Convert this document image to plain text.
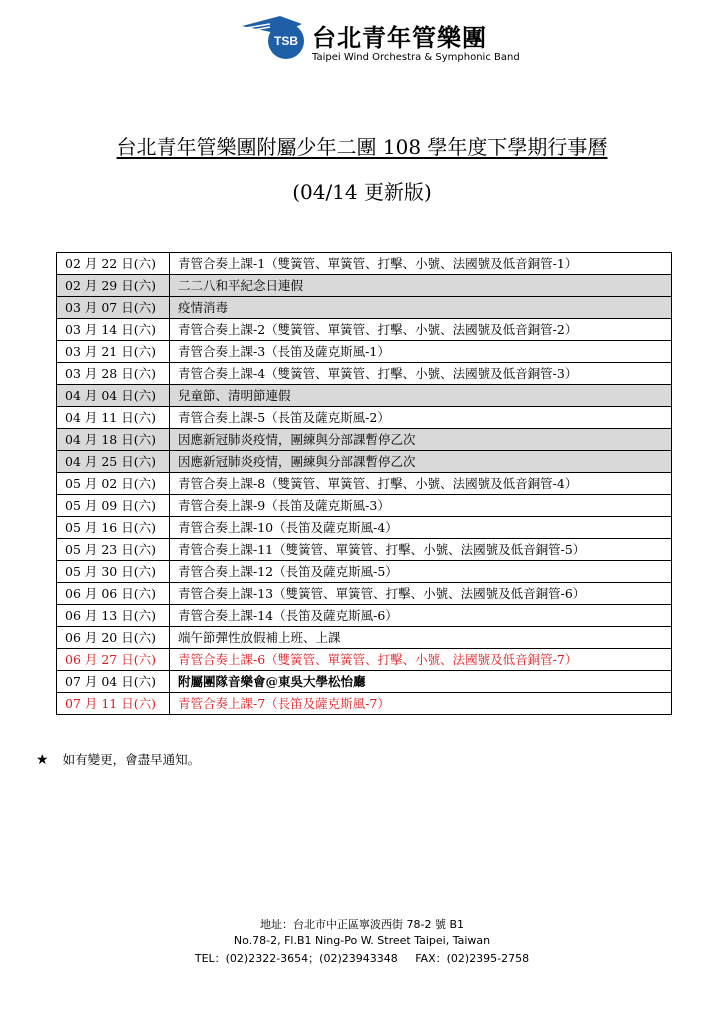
TSB 台北青年管樂團
Taipei Wind Orchestra & Symphonic Band
台北青年管樂團附屬少年二團 108 學年度下學期行事曆
(04/14 更新版)
02 月 22 日(六)	青管合奏上課-1（雙簧管、單簧管、打擊、小號、法國號及低音銅管-1）
02 月 29 日(六)	二二八和平紀念日連假
03 月 07 日(六)	疫情消毒
03 月 14 日(六)	青管合奏上課-2（雙簧管、單簧管、打擊、小號、法國號及低音銅管-2）
03 月 21 日(六)	青管合奏上課-3（長笛及薩克斯風-1）
03 月 28 日(六)	青管合奏上課-4（雙簧管、單簧管、打擊、小號、法國號及低音銅管-3）
04 月 04 日(六)	兒童節、清明節連假
04 月 11 日(六)	青管合奏上課-5（長笛及薩克斯風-2）
04 月 18 日(六)	因應新冠肺炎疫情，團練與分部課暫停乙次
04 月 25 日(六)	因應新冠肺炎疫情，團練與分部課暫停乙次
05 月 02 日(六)	青管合奏上課-8（雙簧管、單簧管、打擊、小號、法國號及低音銅管-4）
05 月 09 日(六)	青管合奏上課-9（長笛及薩克斯風-3）
05 月 16 日(六)	青管合奏上課-10（長笛及薩克斯風-4）
05 月 23 日(六)	青管合奏上課-11（雙簧管、單簧管、打擊、小號、法國號及低音銅管-5）
05 月 30 日(六)	青管合奏上課-12（長笛及薩克斯風-5）
06 月 06 日(六)	青管合奏上課-13（雙簧管、單簧管、打擊、小號、法國號及低音銅管-6）
06 月 13 日(六)	青管合奏上課-14（長笛及薩克斯風-6）
06 月 20 日(六)	端午節彈性放假補上班、上課
06 月 27 日(六)	青管合奏上課-6（雙簧管、單簧管、打擊、小號、法國號及低音銅管-7）
07 月 04 日(六)	附屬團隊音樂會@東吳大學松怡廳
07 月 11 日(六)	青管合奏上課-7（長笛及薩克斯風-7）
★ 如有變更，會盡早通知。
地址：台北市中正區寧波西街 78-2 號 B1
No.78-2, Fl.B1 Ning-Po W. Street Taipei, Taiwan
TEL：(02)2322-3654；(02)23943348     FAX：(02)2395-2758
